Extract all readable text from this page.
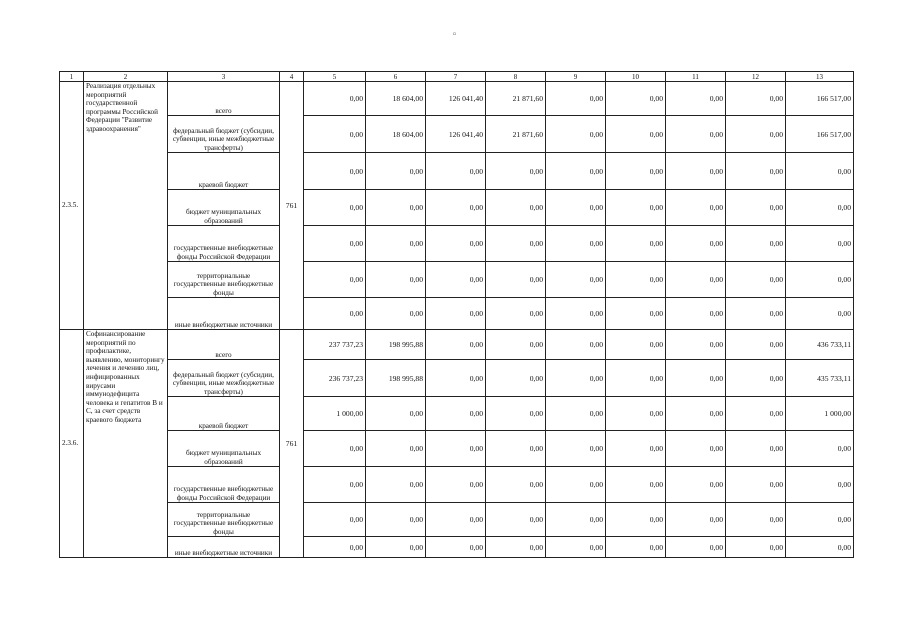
¤
1	2	3	4	5	6	7	8	9	10	11	12	13
2.3.5.	Реализация отдельных мероприятий государственной программы Российской Федерации "Развитие здравоохранения"	всего	761	0,00	18 604,00	126 041,40	21 871,60	0,00	0,00	0,00	0,00	166 517,00
		федеральный бюджет (субсидии, субвенции, иные межбюджетные трансферты)		0,00	18 604,00	126 041,40	21 871,60	0,00	0,00	0,00	0,00	166 517,00
		краевой бюджет		0,00	0,00	0,00	0,00	0,00	0,00	0,00	0,00	0,00
		бюджет муниципальных образований		0,00	0,00	0,00	0,00	0,00	0,00	0,00	0,00	0,00
		государственные внебюджетные фонды Российской Федерации		0,00	0,00	0,00	0,00	0,00	0,00	0,00	0,00	0,00
		территориальные государственные внебюджетные фонды		0,00	0,00	0,00	0,00	0,00	0,00	0,00	0,00	0,00
		иные внебюджетные источники		0,00	0,00	0,00	0,00	0,00	0,00	0,00	0,00	0,00
2.3.6.	Софинансирование мероприятий по профилактике, выявлению, мониторингу лечения и лечению лиц, инфицированных вирусами иммунодефицита человека и гепатитов В и С, за счет средств краевого бюджета	всего	761	237 737,23	198 995,88	0,00	0,00	0,00	0,00	0,00	0,00	436 733,11
		федеральный бюджет (субсидии, субвенции, иные межбюджетные трансферты)		236 737,23	198 995,88	0,00	0,00	0,00	0,00	0,00	0,00	435 733,11
		краевой бюджет		1 000,00	0,00	0,00	0,00	0,00	0,00	0,00	0,00	1 000,00
		бюджет муниципальных образований		0,00	0,00	0,00	0,00	0,00	0,00	0,00	0,00	0,00
		государственные внебюджетные фонды Российской Федерации		0,00	0,00	0,00	0,00	0,00	0,00	0,00	0,00	0,00
		территориальные государственные внебюджетные фонды		0,00	0,00	0,00	0,00	0,00	0,00	0,00	0,00	0,00
		иные внебюджетные источники		0,00	0,00	0,00	0,00	0,00	0,00	0,00	0,00	0,00
